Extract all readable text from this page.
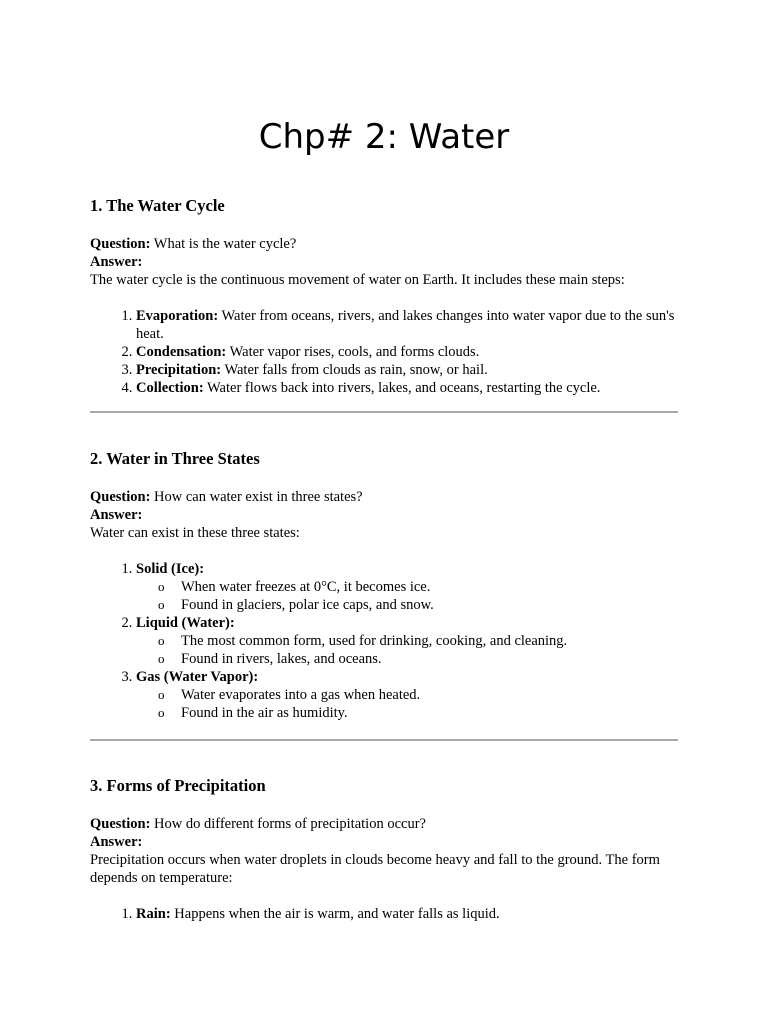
Chp# 2: Water
1. The Water Cycle

Question: What is the water cycle?

Answer:

The water cycle is the continuous movement of water on Earth. It includes these main steps:

1. Evaporation: Water from oceans, rivers, and lakes changes into water vapor due to the sun's heat.
2. Condensation: Water vapor rises, cools, and forms clouds.
3. Precipitation: Water falls from clouds as rain, snow, or hail.
4. Collection: Water flows back into rivers, lakes, and oceans, restarting the cycle.
2. Water in Three States

Question: How can water exist in three states?

Answer:

Water can exist in these three states:

1. Solid (Ice):
o When water freezes at 0°C, it becomes ice.
o Found in glaciers, polar ice caps, and snow.
2. Liquid (Water):
o The most common form, used for drinking, cooking, and cleaning.
o Found in rivers, lakes, and oceans.
3. Gas (Water Vapor):
o Water evaporates into a gas when heated.
o Found in the air as humidity.
3. Forms of Precipitation

Question: How do different forms of precipitation occur?

Answer:

Precipitation occurs when water droplets in clouds become heavy and fall to the ground. The form depends on temperature:

1. Rain: Happens when the air is warm, and water falls as liquid.
